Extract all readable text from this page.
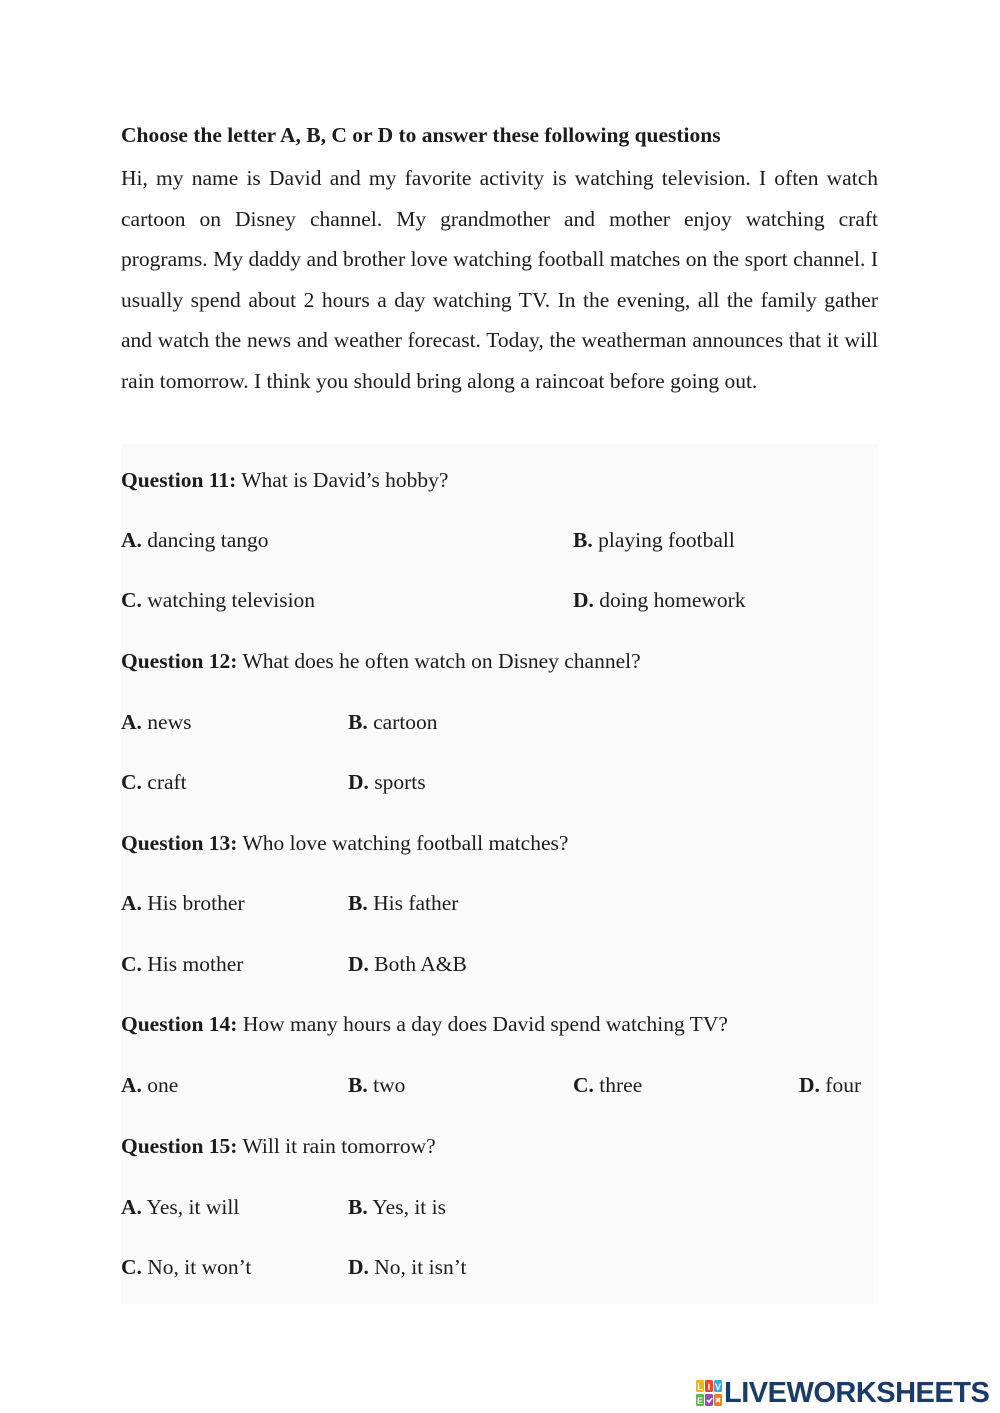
Choose the letter A, B, C or D to answer these following questions

Hi, my name is David and my favorite activity is watching television. I often watch cartoon on Disney channel. My grandmother and mother enjoy watching craft programs. My daddy and brother love watching football matches on the sport channel. I usually spend about 2 hours a day watching TV. In the evening, all the family gather and watch the news and weather forecast. Today, the weatherman announces that it will rain tomorrow. I think you should bring along a raincoat before going out.

Question 11: What is David’s hobby?
A. dancing tango	B. playing football
C. watching television	D. doing homework
Question 12: What does he often watch on Disney channel?
A. news	B. cartoon
C. craft	D. sports
Question 13: Who love watching football matches?
A. His brother	B. His father
C. His mother	D. Both A&B
Question 14: How many hours a day does David spend watching TV?
A. one	B. two	C. three	D. four
Question 15: Will it rain tomorrow?
A. Yes, it will	B. Yes, it is
C. No, it won’t	D. No, it isn’t
L I V
E LIVEWORKSHEETS
